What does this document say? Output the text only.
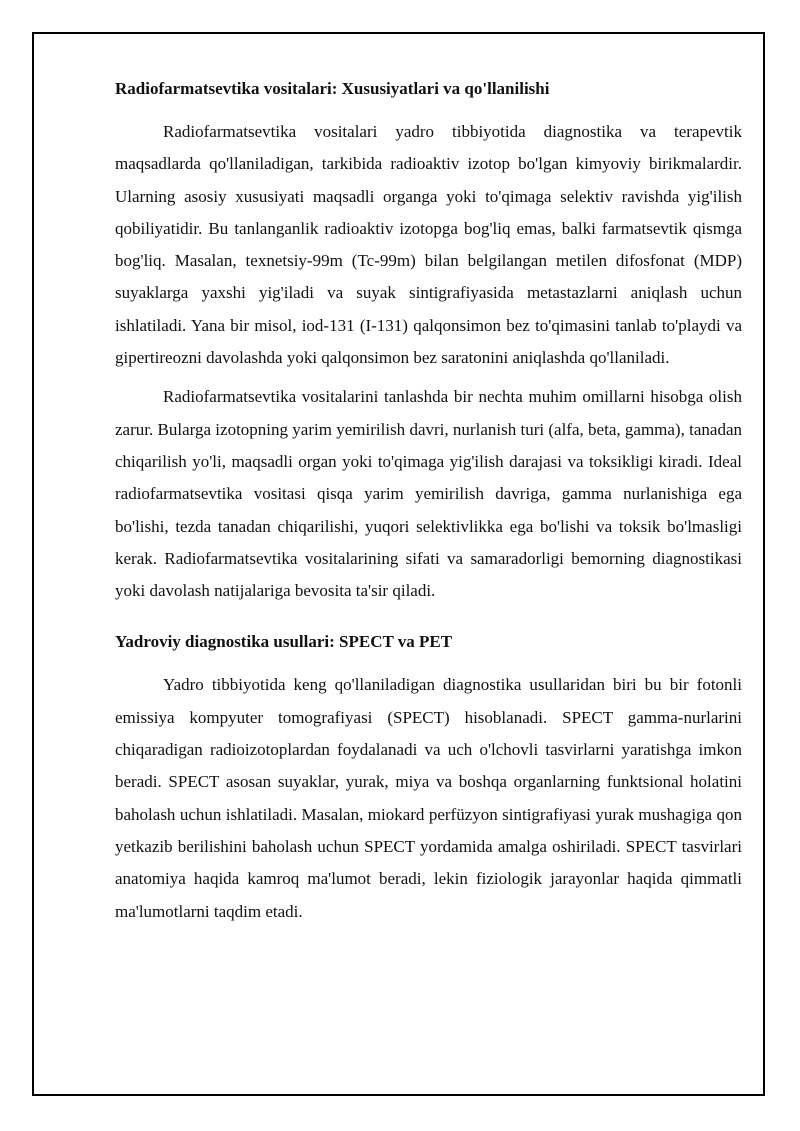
Radiofarmatsevtika vositalari: Xususiyatlari va qo'llanilishi

Radiofarmatsevtika vositalari yadro tibbiyotida diagnostika va terapevtik maqsadlarda qo'llaniladigan, tarkibida radioaktiv izotop bo'lgan kimyoviy birikmalardir. Ularning asosiy xususiyati maqsadli organga yoki to'qimaga selektiv ravishda yig'ilish qobiliyatidir. Bu tanlanganlik radioaktiv izotopga bog'liq emas, balki farmatsevtik qismga bog'liq. Masalan, texnetsiy-99m (Tc-99m) bilan belgilangan metilen difosfonat (MDP) suyaklarga yaxshi yig'iladi va suyak sintigrafiyasida metastazlarni aniqlash uchun ishlatiladi. Yana bir misol, iod-131 (I-131) qalqonsimon bez to'qimasini tanlab to'playdi va gipertireozni davolashda yoki qalqonsimon bez saratonini aniqlashda qo'llaniladi.

Radiofarmatsevtika vositalarini tanlashda bir nechta muhim omillarni hisobga olish zarur. Bularga izotopning yarim yemirilish davri, nurlanish turi (alfa, beta, gamma), tanadan chiqarilish yo'li, maqsadli organ yoki to'qimaga yig'ilish darajasi va toksikligi kiradi. Ideal radiofarmatsevtika vositasi qisqa yarim yemirilish davriga, gamma nurlanishiga ega bo'lishi, tezda tanadan chiqarilishi, yuqori selektivlikka ega bo'lishi va toksik bo'lmasligi kerak. Radiofarmatsevtika vositalarining sifati va samaradorligi bemorning diagnostikasi yoki davolash natijalariga bevosita ta'sir qiladi.

Yadroviy diagnostika usullari: SPECT va PET

Yadro tibbiyotida keng qo'llaniladigan diagnostika usullaridan biri bu bir fotonli emissiya kompyuter tomografiyasi (SPECT) hisoblanadi. SPECT gamma-nurlarini chiqaradigan radioizotoplardan foydalanadi va uch o'lchovli tasvirlarni yaratishga imkon beradi. SPECT asosan suyaklar, yurak, miya va boshqa organlarning funktsional holatini baholash uchun ishlatiladi. Masalan, miokard perfüzyon sintigrafiyasi yurak mushagiga qon yetkazib berilishini baholash uchun SPECT yordamida amalga oshiriladi. SPECT tasvirlari anatomiya haqida kamroq ma'lumot beradi, lekin fiziologik jarayonlar haqida qimmatli ma'lumotlarni taqdim etadi.
